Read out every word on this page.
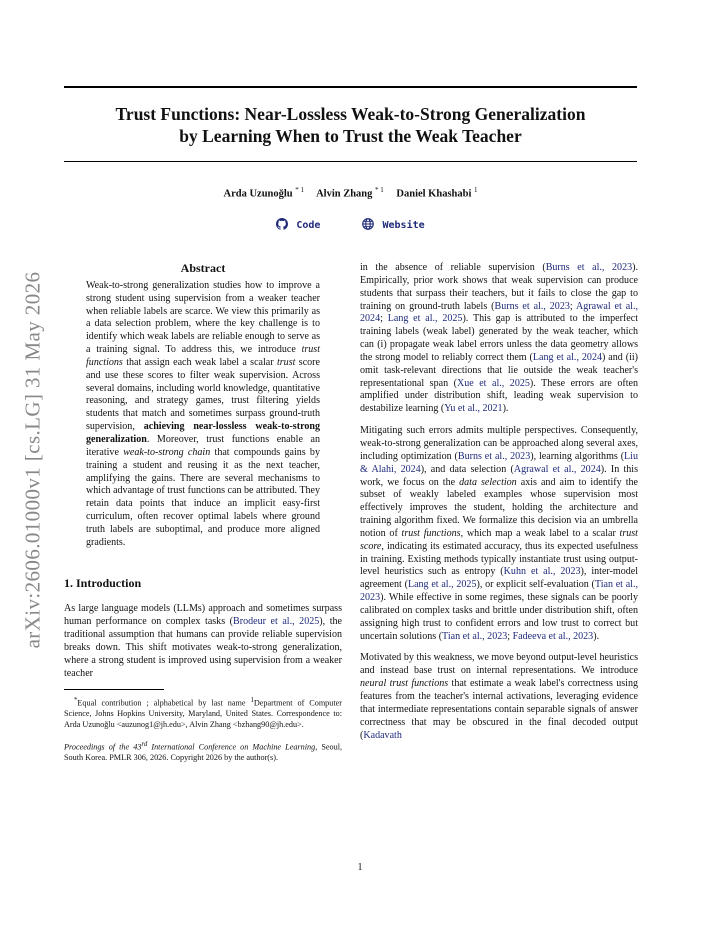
Trust Functions: Near-Lossless Weak-to-Strong Generalization
by Learning When to Trust the Weak Teacher
Arda Uzunoğlu $^{* 1}$ Alvin Zhang $^{* 1}$ Daniel Khashabi $^1$
Code	Website
arXiv:2606.01000v1 [cs.LG] 31 May 2026
Abstract
Weak-to-strong generalization studies how to improve a strong student using supervision from a weaker teacher when reliable labels are scarce. We view this primarily as a data selection problem, where the key challenge is to identify which weak labels are reliable enough to serve as a training signal. To address this, we introduce trust functions that assign each weak label a scalar trust score and use these scores to filter weak supervision. Across several domains, including world knowledge, quantitative reasoning, and strategy games, trust filtering yields students that match and sometimes surpass ground-truth supervision, achieving near-lossless weak-to-strong generalization. Moreover, trust functions enable an iterative weak-to-strong chain that compounds gains by training a student and reusing it as the next teacher, amplifying the gains. There are several mechanisms to which advantage of trust functions can be attributed. They retain data points that induce an implicit easy-first curriculum, often recover optimal labels where ground truth labels are suboptimal, and produce more aligned gradients.
1. Introduction
As large language models (LLMs) approach and sometimes surpass human performance on complex tasks (Brodeur et al., 2025), the traditional assumption that humans can provide reliable supervision breaks down. This shift motivates weak-to-strong generalization, where a strong student is improved using supervision from a weaker teacher
*Equal contribution ; alphabetical by last name $^1$Department of Computer Science, Johns Hopkins University, Maryland, United States. Correspondence to: Arda Uzunoğlu <auzunog1@jh.edu>, Alvin Zhang <bzhang90@jh.edu>.
Proceedings of the 43rd International Conference on Machine Learning, Seoul, South Korea. PMLR 306, 2026. Copyright 2026 by the author(s).
in the absence of reliable supervision (Burns et al., 2023). Empirically, prior work shows that weak supervision can produce students that surpass their teachers, but it fails to close the gap to training on ground-truth labels (Burns et al., 2023; Agrawal et al., 2024; Lang et al., 2025). This gap is attributed to the imperfect training labels (weak label) generated by the weak teacher, which can (i) propagate weak label errors unless the data geometry allows the strong model to reliably correct them (Lang et al., 2024) and (ii) omit task-relevant directions that lie outside the weak teacher's representational span (Xue et al., 2025). These errors are often amplified under distribution shift, leading weak supervision to destabilize learning (Yu et al., 2021).
Mitigating such errors admits multiple perspectives. Consequently, weak-to-strong generalization can be approached along several axes, including optimization (Burns et al., 2023), learning algorithms (Liu & Alahi, 2024), and data selection (Agrawal et al., 2024). In this work, we focus on the data selection axis and aim to identify the subset of weakly labeled examples whose supervision most effectively improves the student, holding the architecture and training algorithm fixed. We formalize this decision via an umbrella notion of trust functions, which map a weak label to a scalar trust score, indicating its estimated accuracy, thus its expected usefulness in training. Existing methods typically instantiate trust using output-level heuristics such as entropy (Kuhn et al., 2023), inter-model agreement (Lang et al., 2025), or explicit self-evaluation (Tian et al., 2023). While effective in some regimes, these signals can be poorly calibrated on complex tasks and brittle under distribution shift, often assigning high trust to confident errors and low trust to correct but uncertain solutions (Tian et al., 2023; Fadeeva et al., 2023).
Motivated by this weakness, we move beyond output-level heuristics and instead base trust on internal representations. We introduce neural trust functions that estimate a weak label's correctness using features from the teacher's internal activations, leveraging evidence that intermediate representations contain separable signals of answer correctness that may be obscured in the final decoded output (Kadavath
1
